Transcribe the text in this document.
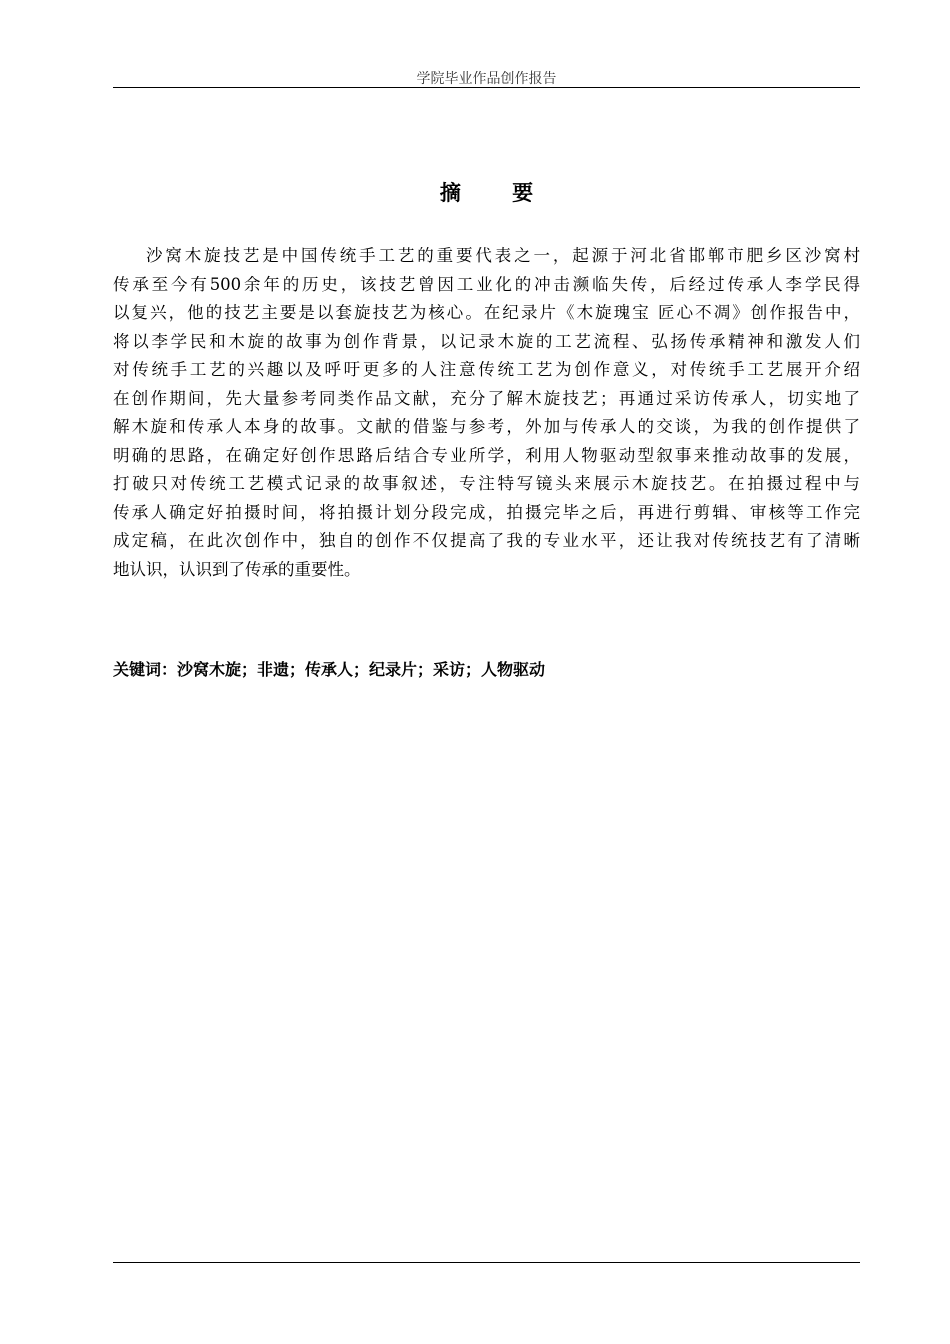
学院毕业作品创作报告
摘 要
沙窝木旋技艺是中国传统手工艺的重要代表之一，起源于河北省邯郸市肥乡区沙窝村
传承至今有500余年的历史，该技艺曾因工业化的冲击濒临失传，后经过传承人李学民得
以复兴，他的技艺主要是以套旋技艺为核心。在纪录片《木旋瑰宝 匠心不凋》创作报告中，
将以李学民和木旋的故事为创作背景，以记录木旋的工艺流程、弘扬传承精神和激发人们
对传统手工艺的兴趣以及呼吁更多的人注意传统工艺为创作意义，对传统手工艺展开介绍
在创作期间，先大量参考同类作品文献，充分了解木旋技艺；再通过采访传承人，切实地了
解木旋和传承人本身的故事。文献的借鉴与参考，外加与传承人的交谈，为我的创作提供了
明确的思路，在确定好创作思路后结合专业所学，利用人物驱动型叙事来推动故事的发展，
打破只对传统工艺模式记录的故事叙述，专注特写镜头来展示木旋技艺。在拍摄过程中与
传承人确定好拍摄时间，将拍摄计划分段完成，拍摄完毕之后，再进行剪辑、审核等工作完
成定稿，在此次创作中，独自的创作不仅提高了我的专业水平，还让我对传统技艺有了清晰
地认识，认识到了传承的重要性。
关键词：沙窝木旋；非遗；传承人；纪录片；采访；人物驱动
